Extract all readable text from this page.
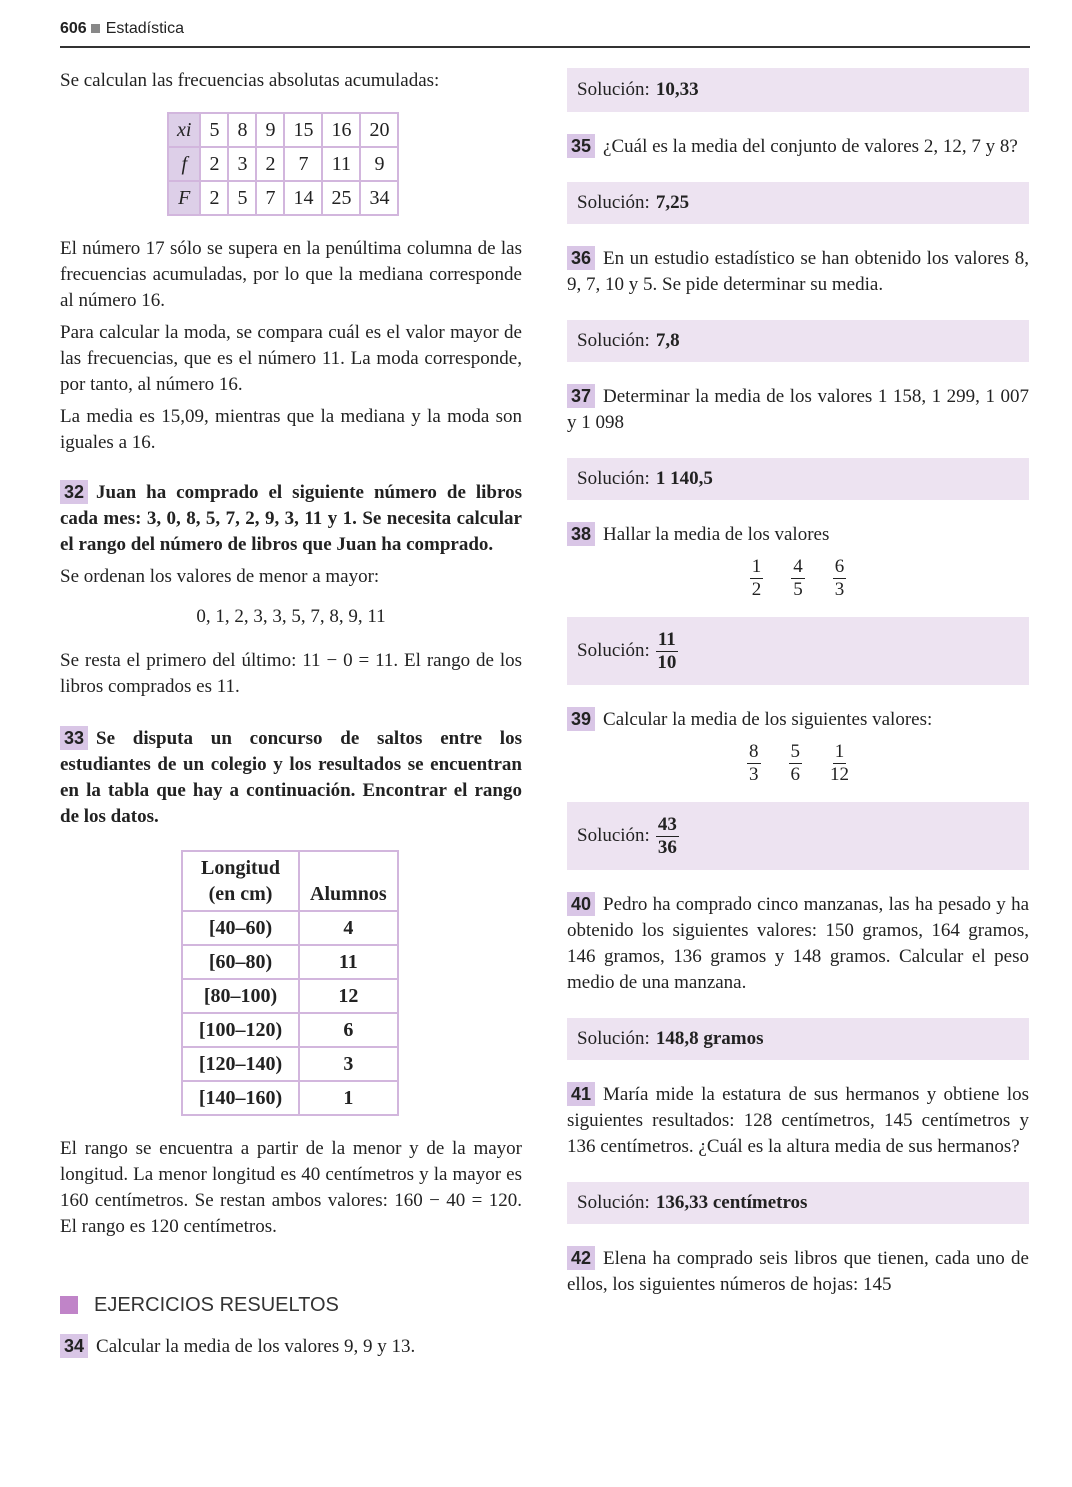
606 Estadística

Se calculan las frecuencias absolutas acumuladas:

xi	5	8	9	15	16	20
f	2	3	2	7	11	9
F	2	5	7	14	25	34

El número 17 sólo se supera en la penúltima columna de las frecuencias acumuladas, por lo que la mediana corresponde al número 16.

Para calcular la moda, se compara cuál es el valor mayor de las frecuencias, que es el número 11. La moda corresponde, por tanto, al número 16.

La media es 15,09, mientras que la mediana y la moda son iguales a 16.

32 Juan ha comprado el siguiente número de libros cada mes: 3, 0, 8, 5, 7, 2, 9, 3, 11 y 1. Se necesita calcular el rango del número de libros que Juan ha comprado.

Se ordenan los valores de menor a mayor:

0, 1, 2, 3, 3, 5, 7, 8, 9, 11

Se resta el primero del último: 11 − 0 = 11. El rango de los libros comprados es 11.

33 Se disputa un concurso de saltos entre los estudiantes de un colegio y los resultados se encuentran en la tabla que hay a continuación. Encontrar el rango de los datos.

Longitud (en cm)	Alumnos
[40–60)	4
[60–80)	11
[80–100)	12
[100–120)	6
[120–140)	3
[140–160)	1

El rango se encuentra a partir de la menor y de la mayor longitud. La menor longitud es 40 centímetros y la mayor es 160 centímetros. Se restan ambos valores: 160 − 40 = 120. El rango es 120 centímetros.

EJERCICIOS RESUELTOS

34 Calcular la media de los valores 9, 9 y 13.

Solución: 10,33

35 ¿Cuál es la media del conjunto de valores 2, 12, 7 y 8?

Solución: 7,25

36 En un estudio estadístico se han obtenido los valores 8, 9, 7, 10 y 5. Se pide determinar su media.

Solución: 7,8

37 Determinar la media de los valores 1 158, 1 299, 1 007 y 1 098

Solución: 1 140,5

38 Hallar la media de los valores

$\frac{1}{2} \frac{4}{5} \frac{6}{3}$
Solución: $\frac{11}{10}$

39 Calcular la media de los siguientes valores:

$\frac{8}{3} \frac{5}{6} \frac{1}{12}$
Solución: $\frac{43}{36}$

40 Pedro ha comprado cinco manzanas, las ha pesado y ha obtenido los siguientes valores: 150 gramos, 164 gramos, 146 gramos, 136 gramos y 148 gramos. Calcular el peso medio de una manzana.

Solución: 148,8 gramos

41 María mide la estatura de sus hermanos y obtiene los siguientes resultados: 128 centímetros, 145 centímetros y 136 centímetros. ¿Cuál es la altura media de sus hermanos?

Solución: 136,33 centímetros

42 Elena ha comprado seis libros que tienen, cada uno de ellos, los siguientes números de hojas: 145
